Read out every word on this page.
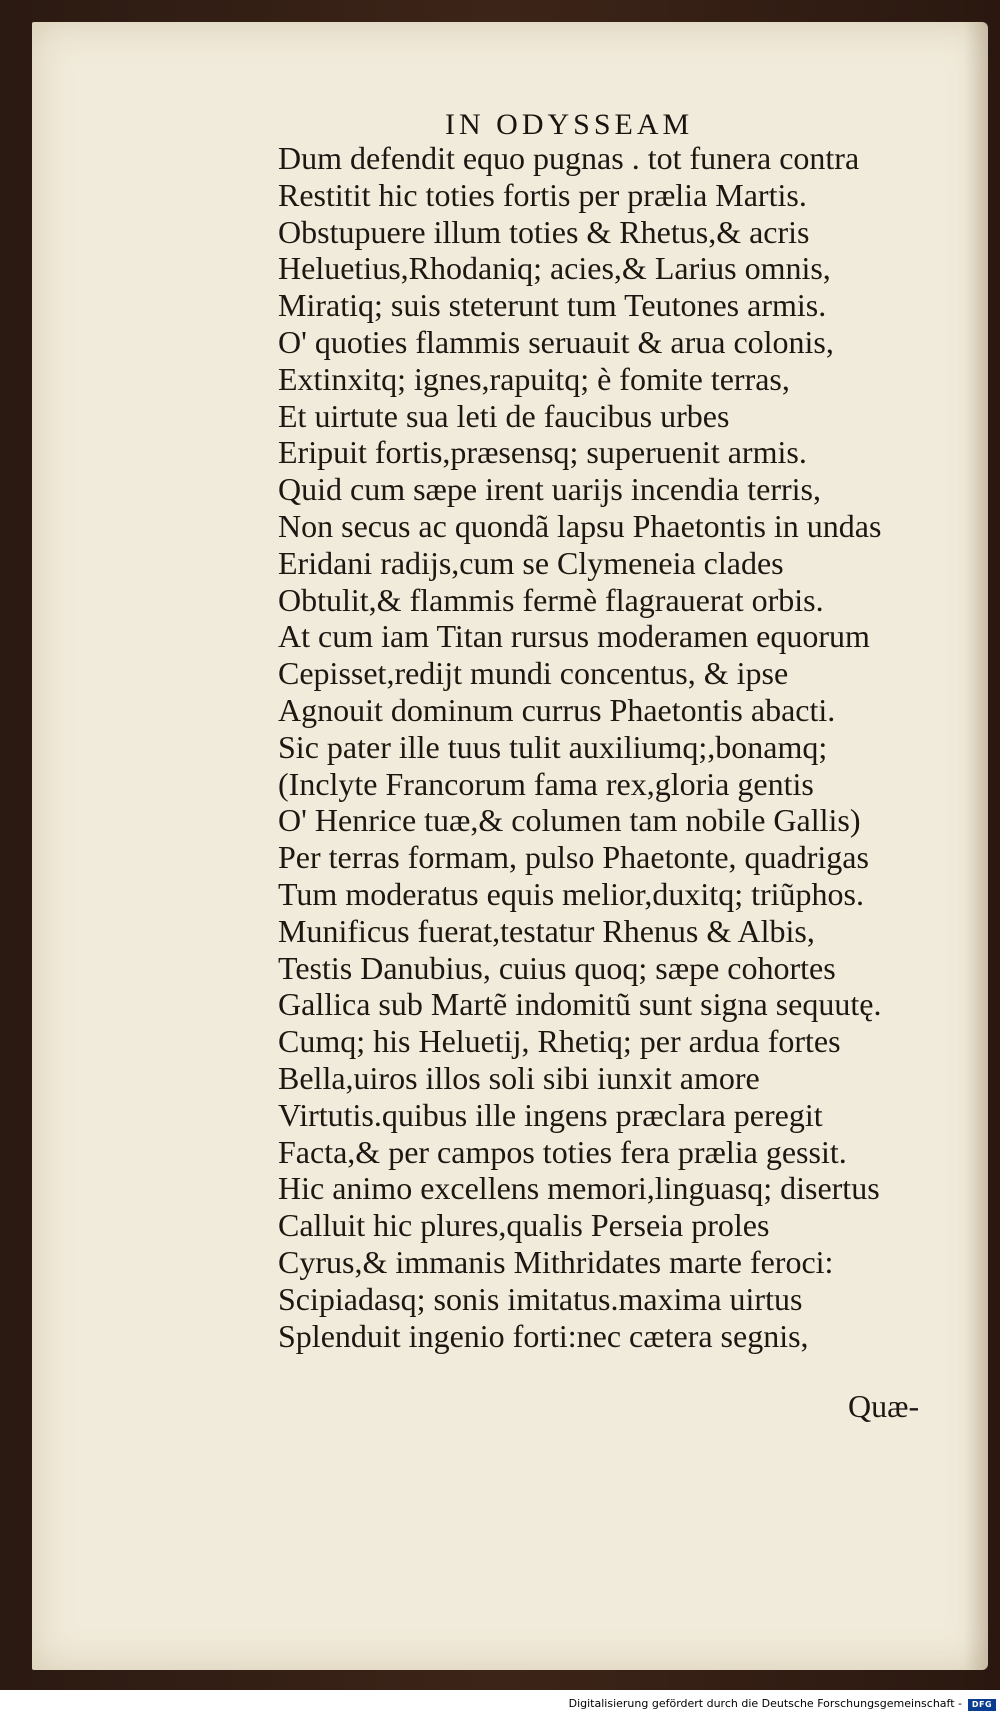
IN ODYSSEAM
Dum defendit equo pugnas . tot funera contra
Restitit hic toties fortis per prælia Martis.
Obstupuere illum toties & Rhetus,& acris
Heluetius,Rhodaniq; acies,& Larius omnis,
Miratiq; suis steterunt tum Teutones armis.
O' quoties flammis seruauit & arua colonis,
Extinxitq; ignes,rapuitq; è fomite terras,
Et uirtute sua leti de faucibus urbes
Eripuit fortis,præsensq; superuenit armis.
Quid cum sæpe irent uarijs incendia terris,
Non secus ac quondã lapsu Phaetontis in undas
Eridani radijs,cum se Clymeneia clades
Obtulit,& flammis fermè flagrauerat orbis.
At cum iam Titan rursus moderamen equorum
Cepisset,redijt mundi concentus, & ipse
Agnouit dominum currus Phaetontis abacti.
Sic pater ille tuus tulit auxiliumq;,bonamq;
(Inclyte Francorum fama rex,gloria gentis
O' Henrice tuæ,& columen tam nobile Gallis)
Per terras formam, pulso Phaetonte, quadrigas
Tum moderatus equis melior,duxitq; triũphos.
Munificus fuerat,testatur Rhenus & Albis,
Testis Danubius, cuius quoq; sæpe cohortes
Gallica sub Martẽ indomitũ sunt signa sequutę.
Cumq; his Heluetij, Rhetiq; per ardua fortes
Bella,uiros illos soli sibi iunxit amore
Virtutis.quibus ille ingens præclara peregit
Facta,& per campos toties fera prælia gessit.
Hic animo excellens memori,linguasq; disertus
Calluit hic plures,qualis Perseia proles
Cyrus,& immanis Mithridates marte feroci:
Scipiadasq; sonis imitatus.maxima uirtus
Splenduit ingenio forti:nec cætera segnis,
Quæ-
Digitalisierung gefördert durch die Deutsche Forschungsgemeinschaft -	DFG
